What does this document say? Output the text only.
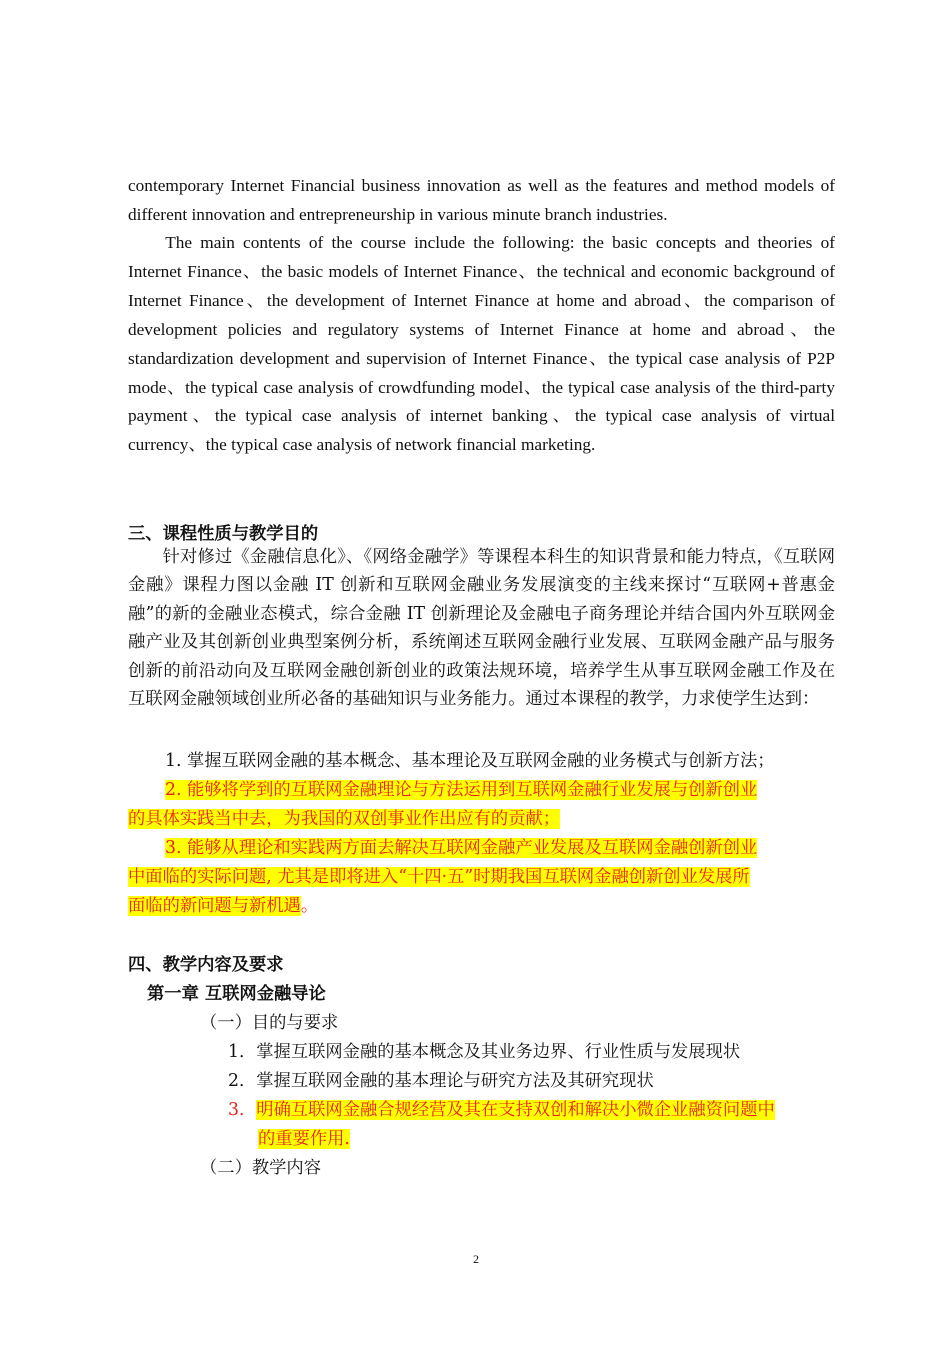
contemporary Internet Financial business innovation as well as the features and method models of different innovation and entrepreneurship in various minute branch industries.

The main contents of the course include the following: the basic concepts and theories of Internet Finance、the basic models of Internet Finance、the technical and economic background of Internet Finance、the development of Internet Finance at home and abroad、the comparison of development policies and regulatory systems of Internet Finance at home and abroad、the standardization development and supervision of Internet Finance、the typical case analysis of P2P mode、the typical case analysis of crowdfunding model、the typical case analysis of the third-party payment、the typical case analysis of internet banking、the typical case analysis of virtual currency、the typical case analysis of network financial marketing.

三、课程性质与教学目的

针对修过《金融信息化》、《网络金融学》等课程本科生的知识背景和能力特点，《互联网金融》课程力图以金融 IT 创新和互联网金融业务发展演变的主线来探讨“互联网+普惠金融”的新的金融业态模式，综合金融 IT 创新理论及金融电子商务理论并结合国内外互联网金融产业及其创新创业典型案例分析，系统阐述互联网金融行业发展、互联网金融产品与服务创新的前沿动向及互联网金融创新创业的政策法规环境，培养学生从事互联网金融工作及在互联网金融领域创业所必备的基础知识与业务能力。通过本课程的教学，力求使学生达到：

1. 掌握互联网金融的基本概念、基本理论及互联网金融的业务模式与创新方法；

2. 能够将学到的互联网金融理论与方法运用到互联网金融行业发展与创新创业

的具体实践当中去，为我国的双创事业作出应有的贡献；

3. 能够从理论和实践两方面去解决互联网金融产业发展及互联网金融创新创业

中面临的实际问题, 尤其是即将进入“十四·五”时期我国互联网金融创新创业发展所

面临的新问题与新机遇。

四、教学内容及要求

第一章 互联网金融导论

（一）目的与要求

1．掌握互联网金融的基本概念及其业务边界、行业性质与发展现状

2．掌握互联网金融的基本理论与研究方法及其研究现状

3．明确互联网金融合规经营及其在支持双创和解决小微企业融资问题中

的重要作用.

（二）教学内容

2
